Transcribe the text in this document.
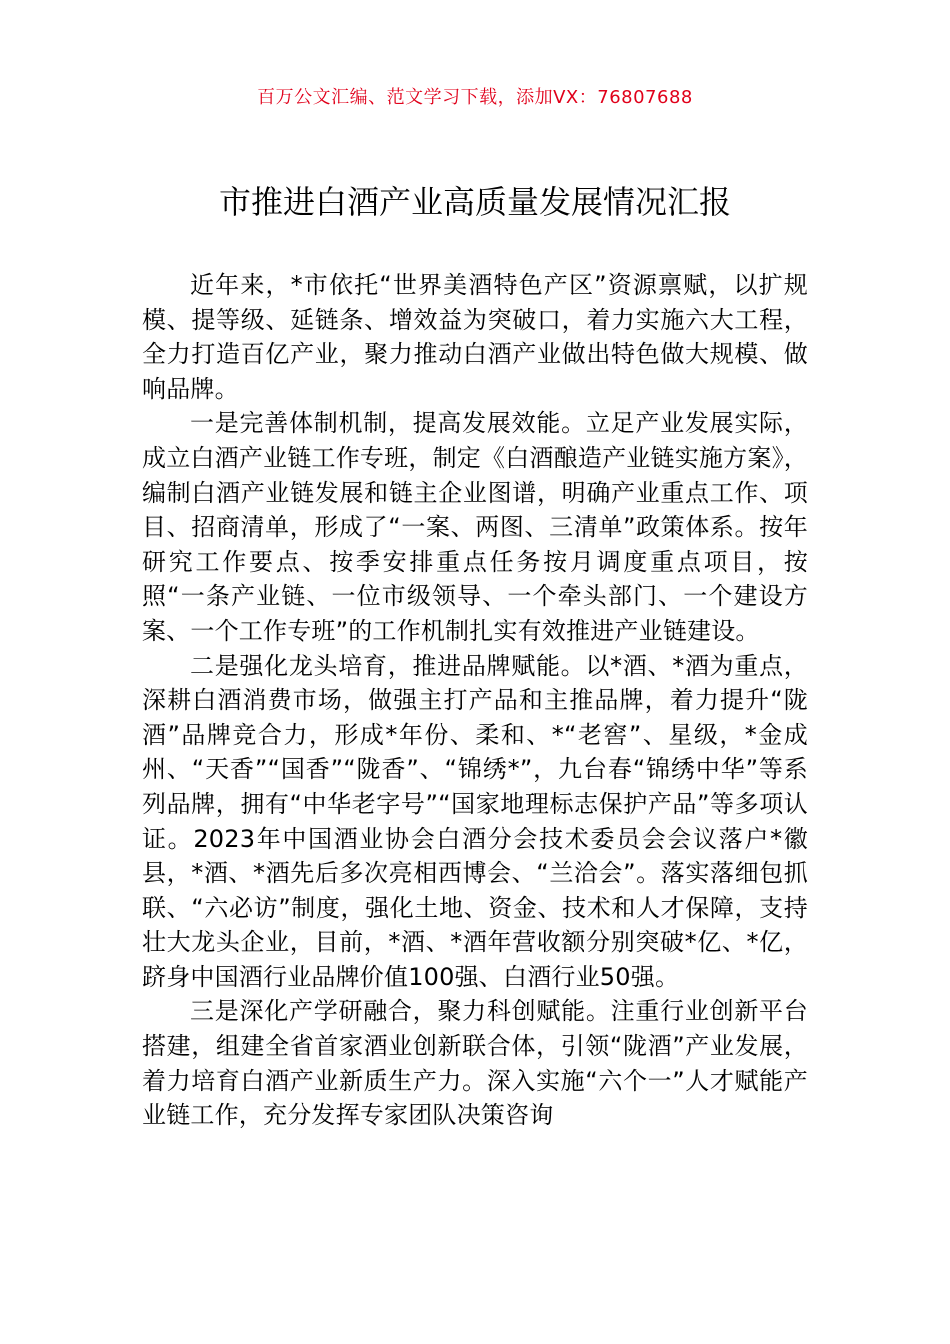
百万公文汇编、范文学习下载，添加VX：76807688
市推进白酒产业高质量发展情况汇报

近年来，*市依托“世界美酒特色产区”资源禀赋，以扩规模、提等级、延链条、增效益为突破口，着力实施六大工程，全力打造百亿产业，聚力推动白酒产业做出特色做大规模、做响品牌。

一是完善体制机制，提高发展效能。立足产业发展实际，成立白酒产业链工作专班，制定《白酒酿造产业链实施方案》，编制白酒产业链发展和链主企业图谱，明确产业重点工作、项目、招商清单，形成了“一案、两图、三清单”政策体系。按年研究工作要点、按季安排重点任务按月调度重点项目，按照“一条产业链、一位市级领导、一个牵头部门、一个建设方案、一个工作专班”的工作机制扎实有效推进产业链建设。

二是强化龙头培育，推进品牌赋能。以*酒、*酒为重点，深耕白酒消费市场，做强主打产品和主推品牌，着力提升“陇酒”品牌竞合力，形成*年份、柔和、*“老窖”、星级，*金成州、“天香”“国香”“陇香”、“锦绣*”，九台春“锦绣中华”等系列品牌，拥有“中华老字号”“国家地理标志保护产品”等多项认证。2023年中国酒业协会白酒分会技术委员会会议落户*徽县，*酒、*酒先后多次亮相西博会、“兰洽会”。落实落细包抓联、“六必访”制度，强化土地、资金、技术和人才保障，支持壮大龙头企业，目前，*酒、*酒年营收额分别突破*亿、*亿，跻身中国酒行业品牌价值100强、白酒行业50强。

三是深化产学研融合，聚力科创赋能。注重行业创新平台搭建，组建全省首家酒业创新联合体，引领“陇酒”产业发展，着力培育白酒产业新质生产力。深入实施“六个一”人才赋能产业链工作，充分发挥专家团队决策咨询
